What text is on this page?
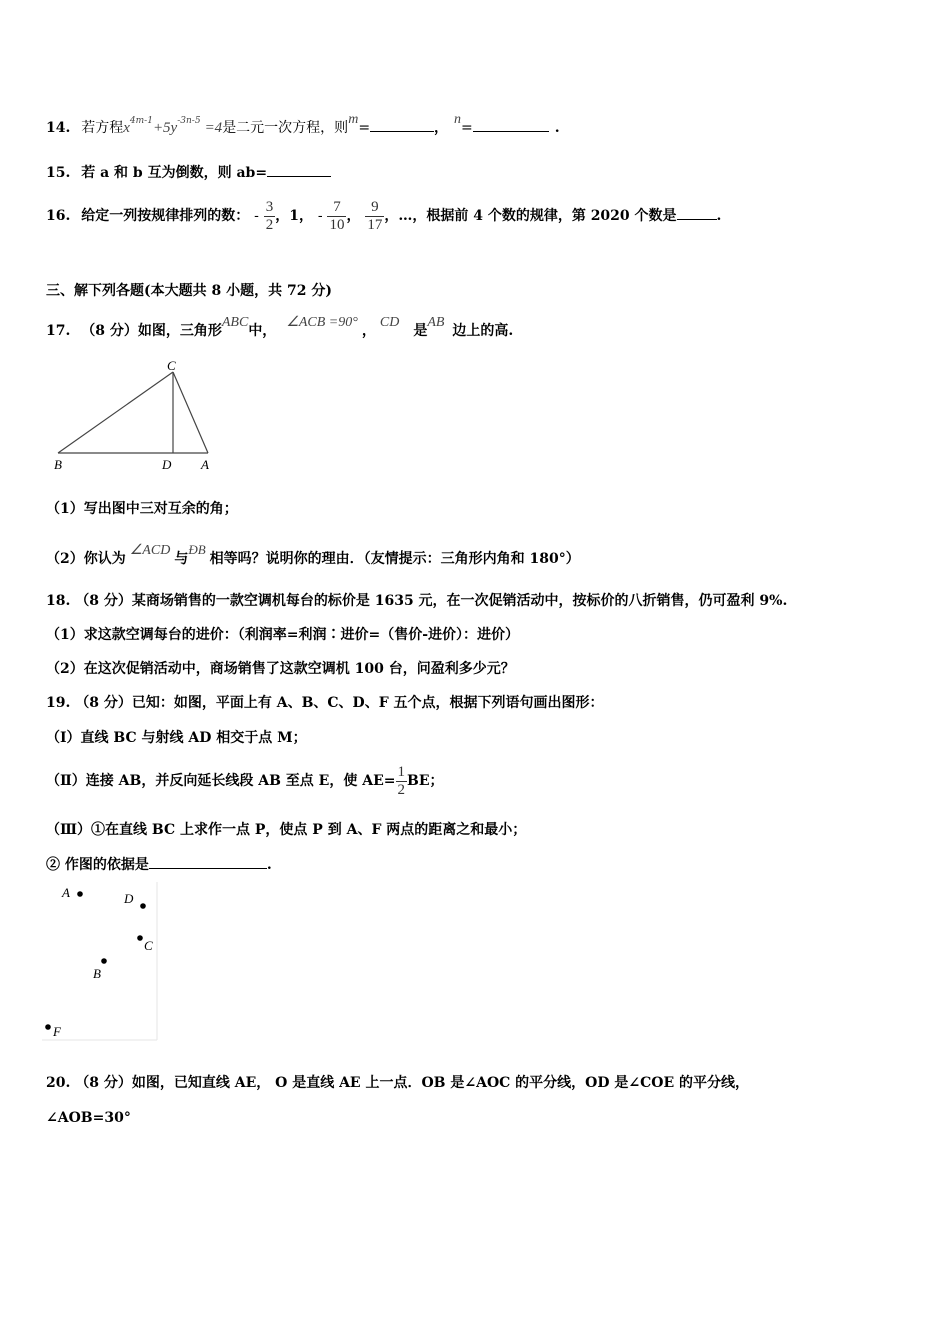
14. 若方程$x^{4m-1}+5y^{-3n-5} =4$是二元一次方程，则$^m$=	，$^n$=	.
15. 若 a 和 b 互为倒数，则 ab=
16. 给定一列按规律排列的数： - $\frac{3}{2}$ ，1， - $\frac{7}{10}$ ， $\frac{9}{17}$ ，…，根据前 4 个数的规律，第 2020 个数是	.
三、解下列各题(本大题共 8 小题，共 72 分)
17. （8 分）如图，三角形$^{ABC}$中，$^{\angle ACB =90^\circ}$，$^{CD}$是$^{AB}$边上的高.
C
B	D A
（1）写出图中三对互余的角；
（2）你认为$^{\angle ACD}$与$^{ÐB}$相等吗？说明你的理由．（友情提示：三角形内角和 180°）
18. （8 分）某商场销售的一款空调机每台的标价是 1635 元，在一次促销活动中，按标价的八折销售，仍可盈利 9%.
（1）求这款空调每台的进价：（利润率=利润∶进价=（售价-进价）：进价）
（2）在这次促销活动中，商场销售了这款空调机 100 台，问盈利多少元？
19. （8 分）已知：如图，平面上有 A、B、C、D、F 五个点，根据下列语句画出图形：
（Ⅰ）直线 BC 与射线 AD 相交于点 M；
（Ⅱ）连接 AB，并反向延长线段 AB 至点 E，使 $AE= \frac{1}{2}$ BE；
（Ⅲ）①在直线 BC 上求作一点 P，使点 P 到 A、F 两点的距离之和最小；
② 作图的依据是	.
A	D
C
B
F
20. （8 分）如图，已知直线 AE， O 是直线 AE 上一点．OB 是∠AOC 的平分线，OD 是∠COE 的平分线，
∠AOB=30°
